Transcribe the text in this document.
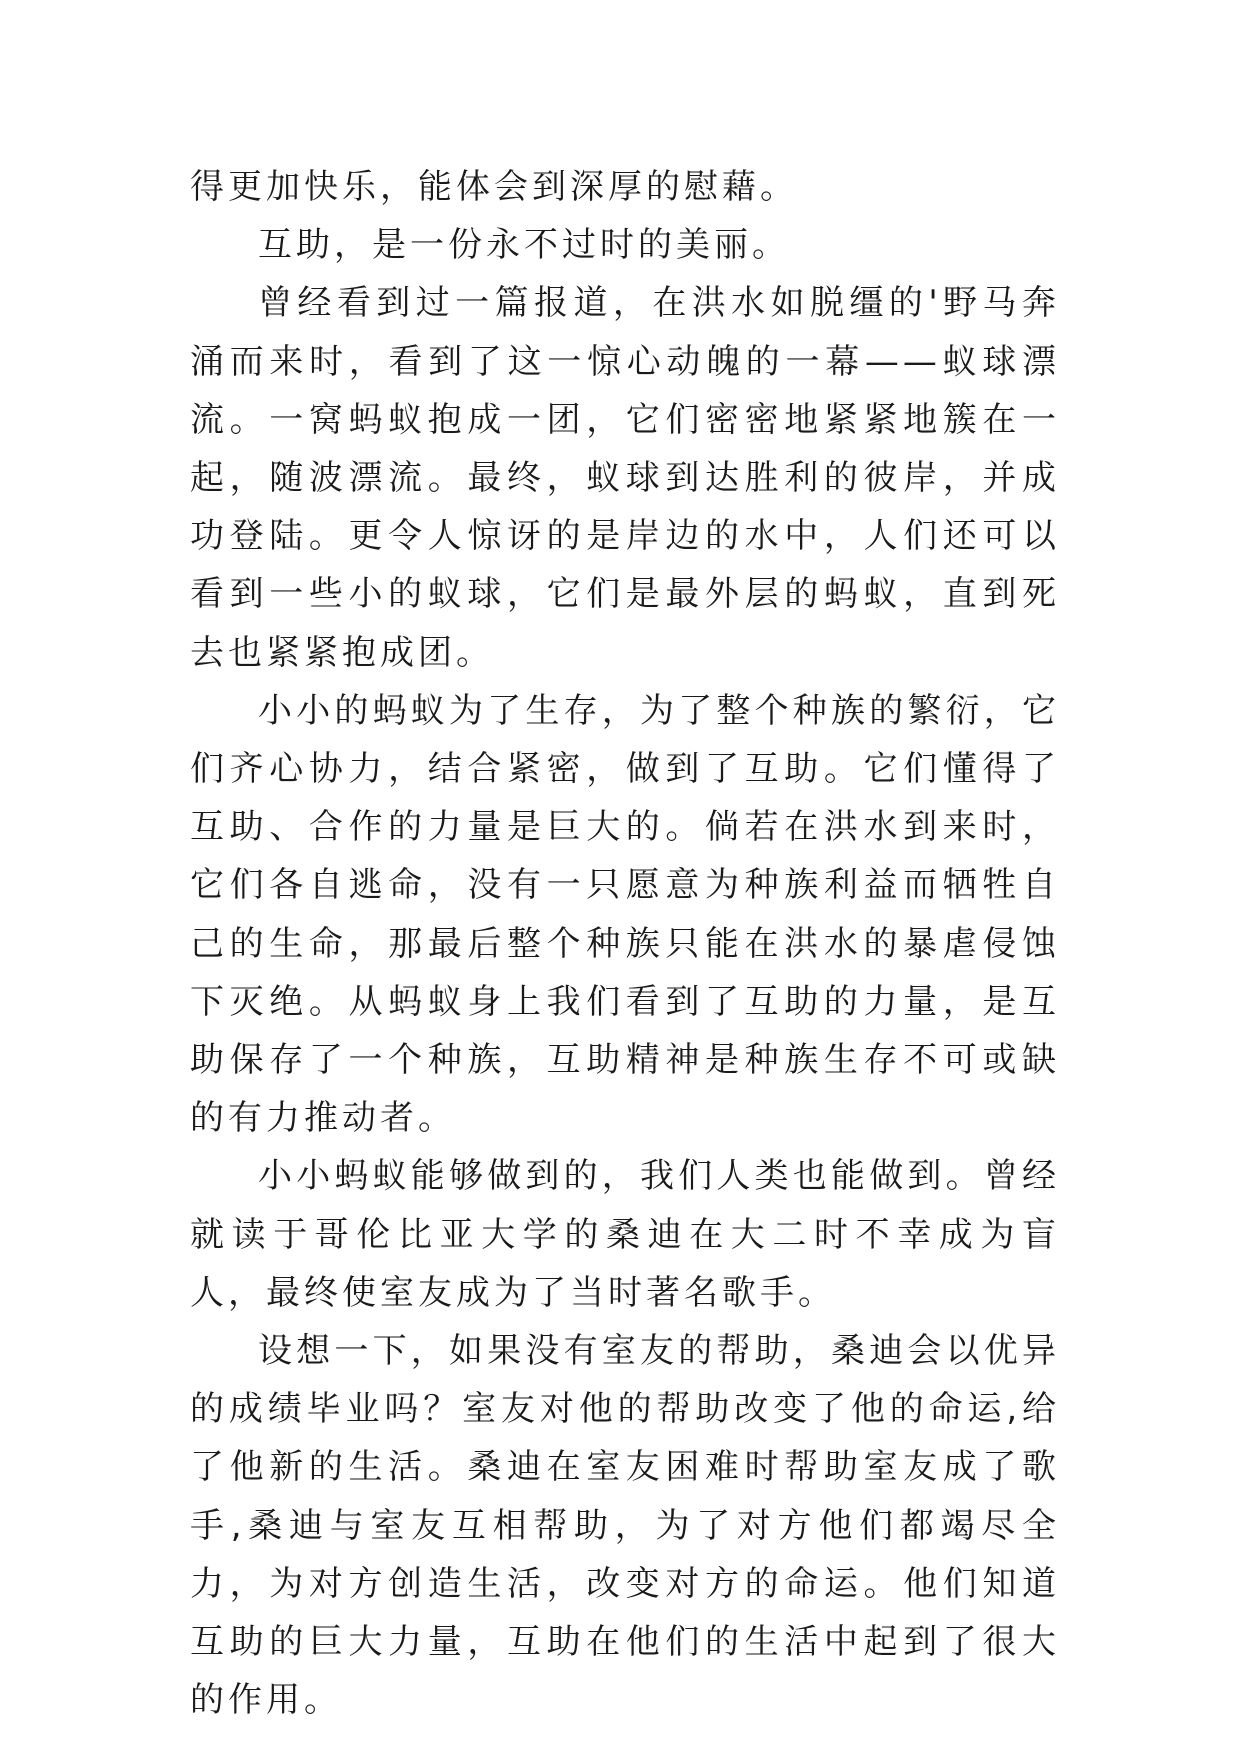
得更加快乐，能体会到深厚的慰藉。

互助，是一份永不过时的美丽。

曾经看到过一篇报道，在洪水如脱缰的'野马奔涌而来时，看到了这一惊心动魄的一幕——蚁球漂流。一窝蚂蚁抱成一团，它们密密地紧紧地簇在一起，随波漂流。最终，蚁球到达胜利的彼岸，并成功登陆。更令人惊讶的是岸边的水中，人们还可以看到一些小的蚁球，它们是最外层的蚂蚁，直到死去也紧紧抱成团。

小小的蚂蚁为了生存，为了整个种族的繁衍，它们齐心协力，结合紧密，做到了互助。它们懂得了互助、合作的力量是巨大的。倘若在洪水到来时，它们各自逃命，没有一只愿意为种族利益而牺牲自己的生命，那最后整个种族只能在洪水的暴虐侵蚀下灭绝。从蚂蚁身上我们看到了互助的力量，是互助保存了一个种族，互助精神是种族生存不可或缺的有力推动者。

小小蚂蚁能够做到的，我们人类也能做到。曾经就读于哥伦比亚大学的桑迪在大二时不幸成为盲人，最终使室友成为了当时著名歌手。

设想一下，如果没有室友的帮助，桑迪会以优异的成绩毕业吗？室友对他的帮助改变了他的命运,给了他新的生活。桑迪在室友困难时帮助室友成了歌手,桑迪与室友互相帮助，为了对方他们都竭尽全力，为对方创造生活，改变对方的命运。他们知道互助的巨大力量，互助在他们的生活中起到了很大的作用。
